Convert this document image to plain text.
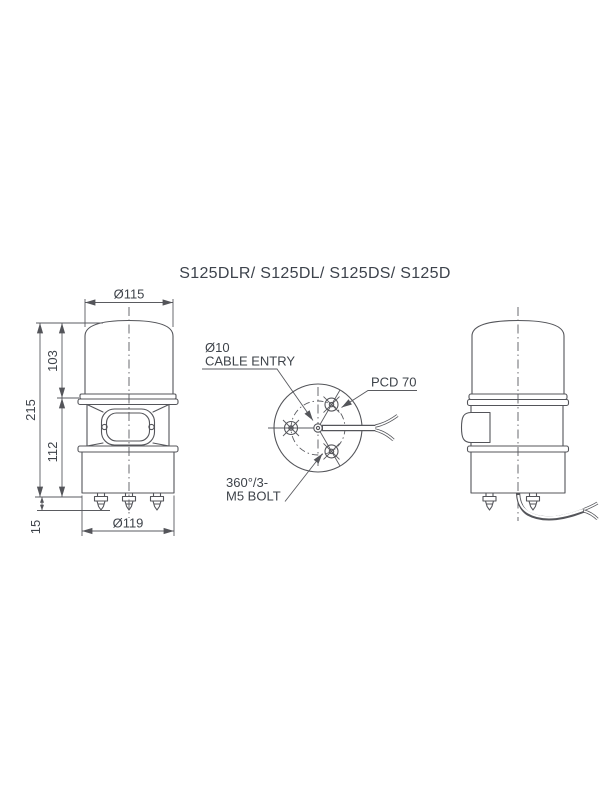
S125DLR/ S125DL/ S125DS/ S125D
Ø115
215
103
112
15	Ø119
Ø10
CABLE ENTRY
PCD 70
360°/3-
M5 BOLT
